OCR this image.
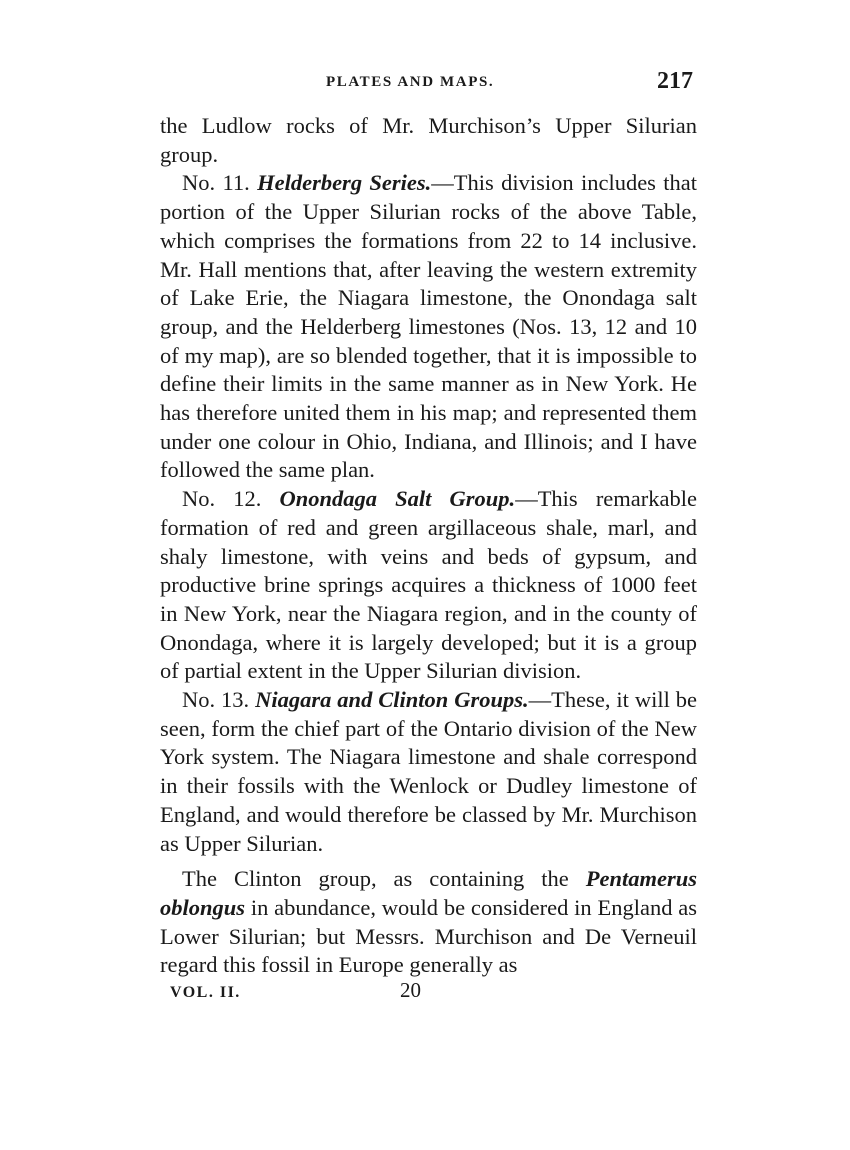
PLATES AND MAPS.	217

the Ludlow rocks of Mr. Murchison’s Upper Silurian group.

No. 11. Helderberg Series.—This division includes that portion of the Upper Silurian rocks of the above Table, which comprises the formations from 22 to 14 inclusive. Mr. Hall mentions that, after leaving the western extremity of Lake Erie, the Niagara limestone, the Onondaga salt group, and the Helderberg limestones (Nos. 13, 12 and 10 of my map), are so blended together, that it is impossible to define their limits in the same manner as in New York. He has therefore united them in his map; and represented them under one colour in Ohio, Indiana, and Illinois; and I have followed the same plan.

No. 12. Onondaga Salt Group.—This remarkable formation of red and green argillaceous shale, marl, and shaly limestone, with veins and beds of gypsum, and productive brine springs acquires a thickness of 1000 feet in New York, near the Niagara region, and in the county of Onondaga, where it is largely developed; but it is a group of partial extent in the Upper Silurian division.

No. 13. Niagara and Clinton Groups.—These, it will be seen, form the chief part of the Ontario division of the New York system. The Niagara limestone and shale correspond in their fossils with the Wenlock or Dudley limestone of England, and would therefore be classed by Mr. Murchison as Upper Silurian.

The Clinton group, as containing the Pentamerus oblongus in abundance, would be considered in England as Lower Silurian; but Messrs. Murchison and De Verneuil regard this fossil in Europe generally as

VOL. II.	20
